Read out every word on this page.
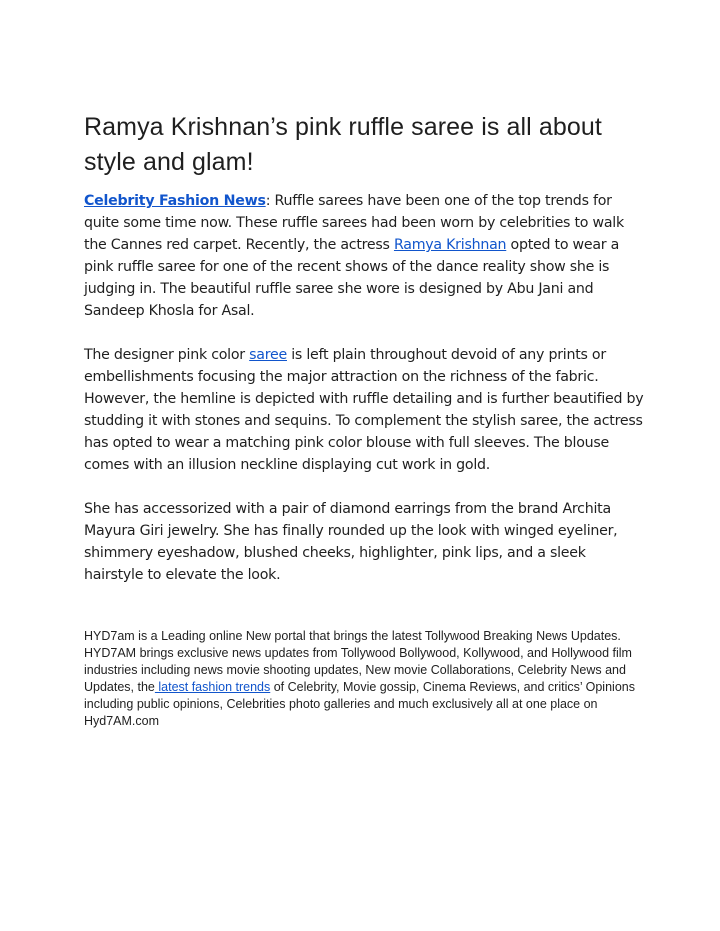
Ramya Krishnan’s pink ruffle saree is all about style and glam!

Celebrity Fashion News: Ruffle sarees have been one of the top trends for quite some time now. These ruffle sarees had been worn by celebrities to walk the Cannes red carpet. Recently, the actress Ramya Krishnan opted to wear a pink ruffle saree for one of the recent shows of the dance reality show she is judging in. The beautiful ruffle saree she wore is designed by Abu Jani and Sandeep Khosla for Asal.

The designer pink color saree is left plain throughout devoid of any prints or embellishments focusing the major attraction on the richness of the fabric. However, the hemline is depicted with ruffle detailing and is further beautified by studding it with stones and sequins. To complement the stylish saree, the actress has opted to wear a matching pink color blouse with full sleeves. The blouse comes with an illusion neckline displaying cut work in gold.

She has accessorized with a pair of diamond earrings from the brand Archita Mayura Giri jewelry. She has finally rounded up the look with winged eyeliner, shimmery eyeshadow, blushed cheeks, highlighter, pink lips, and a sleek hairstyle to elevate the look.

HYD7am is a Leading online New portal that brings the latest Tollywood Breaking News Updates. HYD7AM brings exclusive news updates from Tollywood Bollywood, Kollywood, and Hollywood film industries including news movie shooting updates, New movie Collaborations, Celebrity News and Updates, the latest fashion trends of Celebrity, Movie gossip, Cinema Reviews, and critics’ Opinions including public opinions, Celebrities photo galleries and much exclusively all at one place on Hyd7AM.com
